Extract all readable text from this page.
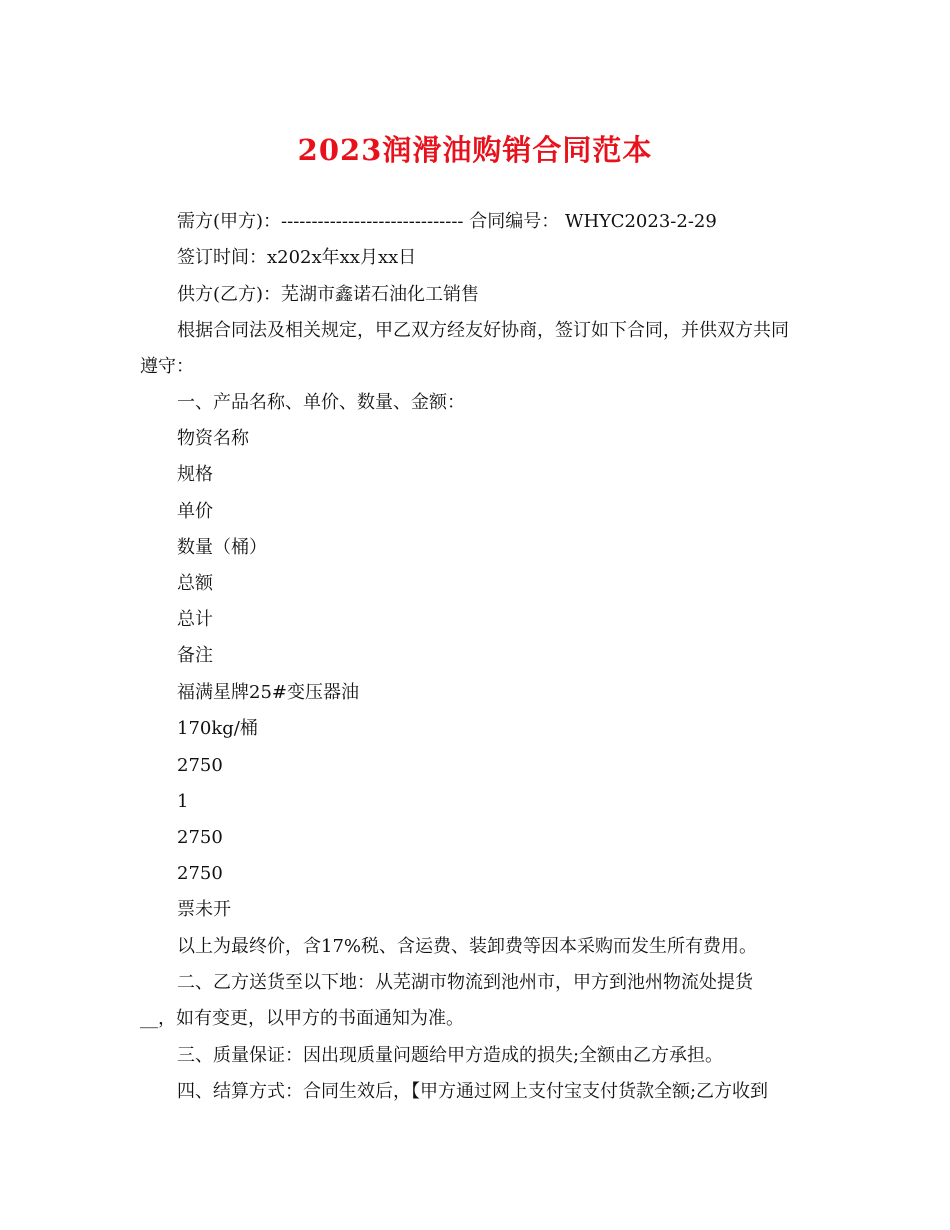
2023润滑油购销合同范本
需方(甲方)：------------------------------ 合同编号： WHYC2023-2-29
签订时间：x202x年xx月xx日
供方(乙方)：芜湖市鑫诺石油化工销售
根据合同法及相关规定，甲乙双方经友好协商，签订如下合同，并供双方共同
遵守：
一、产品名称、单价、数量、金额：
物资名称
规格
单价
数量（桶）
总额
总计
备注
福满星牌25#变压器油
170kg/桶
2750
1
2750
2750
票未开
以上为最终价，含17%税、含运费、装卸费等因本采购而发生所有费用。
二、乙方送货至以下地：从芜湖市物流到池州市，甲方到池州物流处提货
__，如有变更，以甲方的书面通知为准。
三、质量保证：因出现质量问题给甲方造成的损失;全额由乙方承担。
四、结算方式：合同生效后，【甲方通过网上支付宝支付货款全额;乙方收到
